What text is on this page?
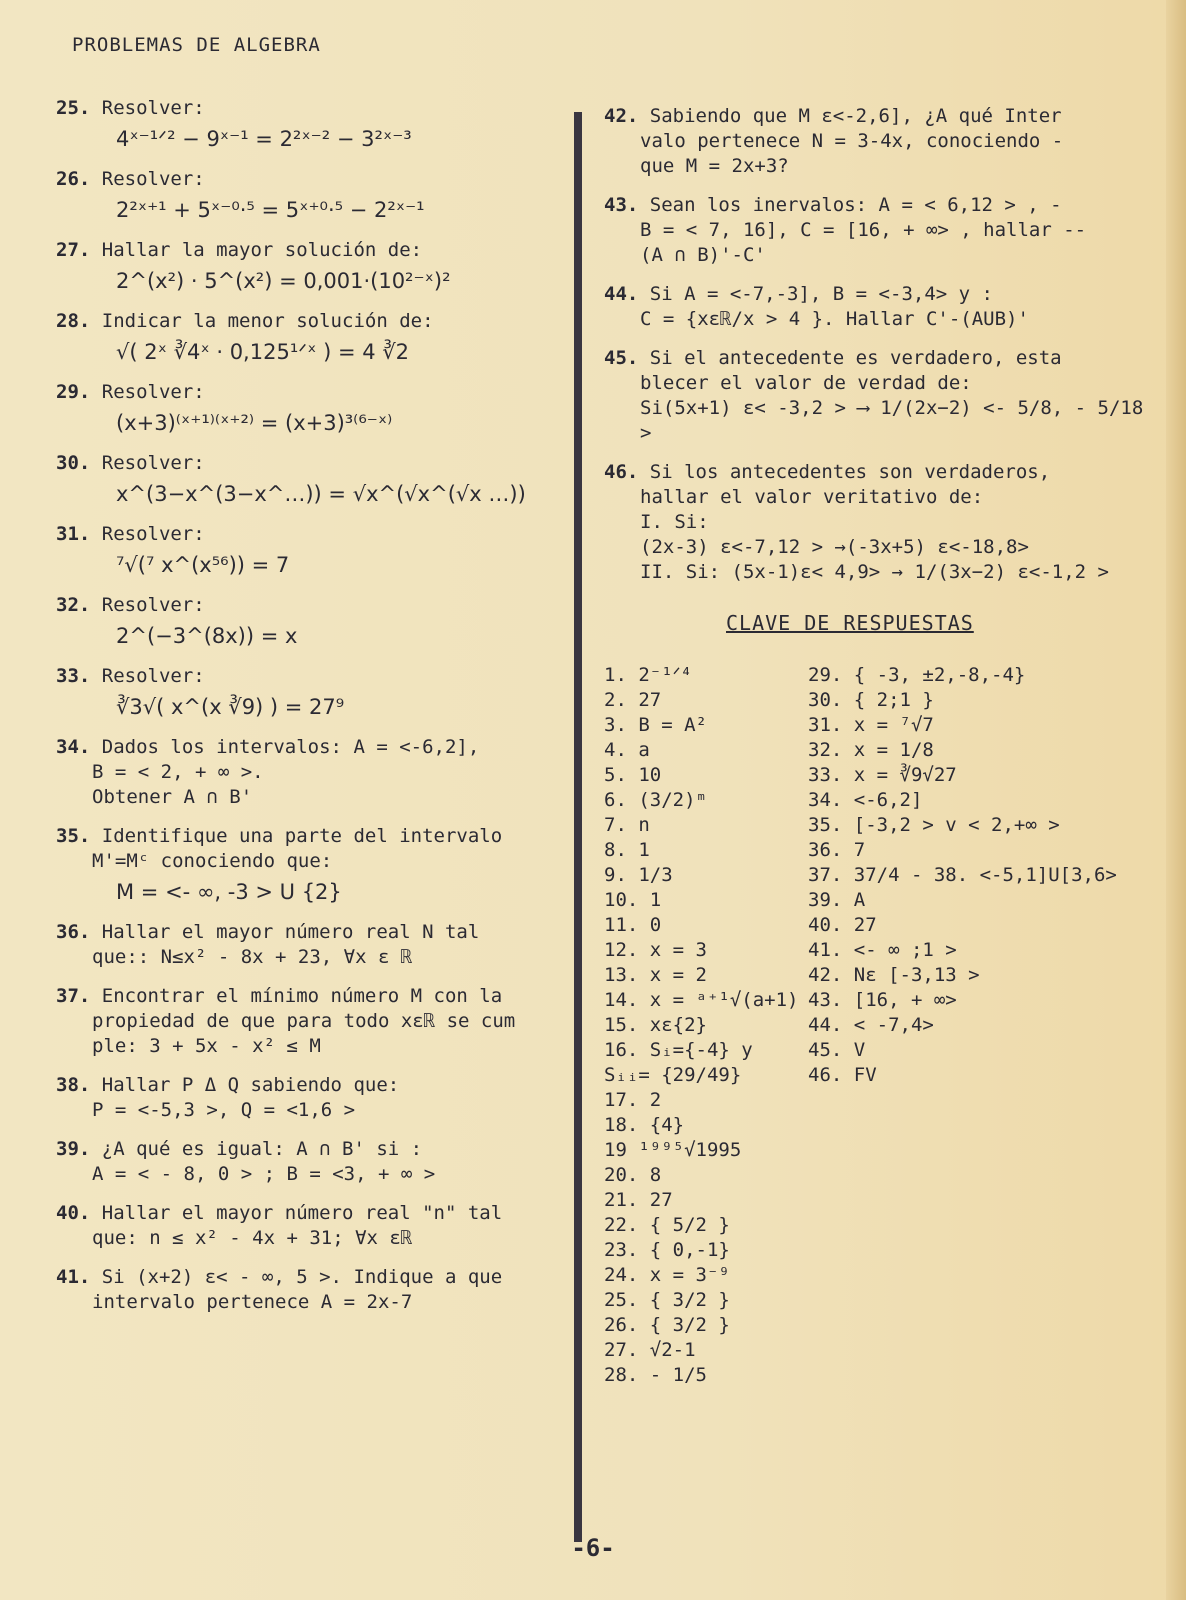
PROBLEMAS DE ALGEBRA
25. Resolver:
4ˣ⁻¹ᐟ² − 9ˣ⁻¹ = 2²ˣ⁻² − 3²ˣ⁻³
26. Resolver:
2²ˣ⁺¹ + 5ˣ⁻⁰·⁵ = 5ˣ⁺⁰·⁵ − 2²ˣ⁻¹
27. Hallar la mayor solución de:
2^(x²) · 5^(x²) = 0,001·(10²⁻ˣ)²
28. Indicar la menor solución de:
√( 2ˣ ∛4ˣ · 0,125¹ᐟˣ ) = 4 ∛2
29. Resolver:
(x+3)⁽ˣ⁺¹⁾⁽ˣ⁺²⁾ = (x+3)³⁽⁶⁻ˣ⁾
30. Resolver:
x^(3−x^(3−x^…)) = √x^(√x^(√x …))
31. Resolver:
⁷√(⁷ x^(x⁵⁶)) = 7
32. Resolver:
2^(−3^(8x)) = x
33. Resolver:
∛3√( x^(x ∛9) ) = 27⁹
34. Dados los intervalos: A = <-6,2],
B = < 2, + ∞ >.
Obtener A ∩ B'
35. Identifique una parte del intervalo
M'=Mᶜ conociendo que:
M = <- ∞, -3 > U {2}
36. Hallar el mayor número real N tal
que:: N≤x² - 8x + 23, ∀x ε ℝ
37. Encontrar el mínimo número M con la
propiedad de que para todo xεℝ se cum
ple: 3 + 5x - x² ≤ M
38. Hallar P Δ Q sabiendo que:
P = <-5,3 >, Q = <1,6 >
39. ¿A qué es igual: A ∩ B' si :
A = < - 8, 0 > ; B = <3, + ∞ >
40. Hallar el mayor número real "n" tal
que: n ≤ x² - 4x + 31; ∀x εℝ
41. Si (x+2) ε< - ∞, 5 >. Indique a que
intervalo pertenece A = 2x-7
42. Sabiendo que M ε<-2,6], ¿A qué Inter
valo pertenece N = 3-4x, conociendo -
que M = 2x+3?
43. Sean los inervalos: A = < 6,12 > , -
B = < 7, 16], C = [16, + ∞> , hallar --
(A ∩ B)'-C'
44. Si A = <-7,-3], B = <-3,4> y :
C = {xεℝ/x > 4 }. Hallar C'-(AUB)'
45. Si el antecedente es verdadero, esta
blecer el valor de verdad de:
Si(5x+1) ε< -3,2 > ⟶ 1/(2x−2) <- 5/8, - 5/18 >
46. Si los antecedentes son verdaderos,
hallar el valor veritativo de:
I. Si:
(2x-3) ε<-7,12 > →(-3x+5) ε<-18,8>
II. Si: (5x-1)ε< 4,9> → 1/(3x−2) ε<-1,2 >
CLAVE DE RESPUESTAS
1. 2⁻¹ᐟ⁴
2. 27
3. B = A²
4. a
5. 10
6. (3/2)ᵐ
7. n
8. 1
9. 1/3
10. 1
11. 0
12. x = 3
13. x = 2
14. x = ᵃ⁺¹√(a+1)
15. xε{2}
16. Sᵢ={-4} y
Sᵢᵢ= {29/49}
17. 2
18. {4}
19 ¹⁹⁹⁵√1995
20. 8
21. 27
22. { 5/2 }
23. { 0,-1}
24. x = 3⁻⁹
25. { 3/2 }
26. { 3/2 }
27. √2-1
28. - 1/5
29. { -3, ±2,-8,-4}
30. { 2;1 }
31. x = ⁷√7
32. x = 1/8
33. x = ∛9√27
34. <-6,2]
35. [-3,2 > v < 2,+∞ >
36. 7
37. 37/4 - 38. <-5,1]U[3,6>
39. A
40. 27
41. <- ∞ ;1 >
42. Nε [-3,13 >
43. [16, + ∞>
44. < -7,4>
45. V
46. FV
-6-
